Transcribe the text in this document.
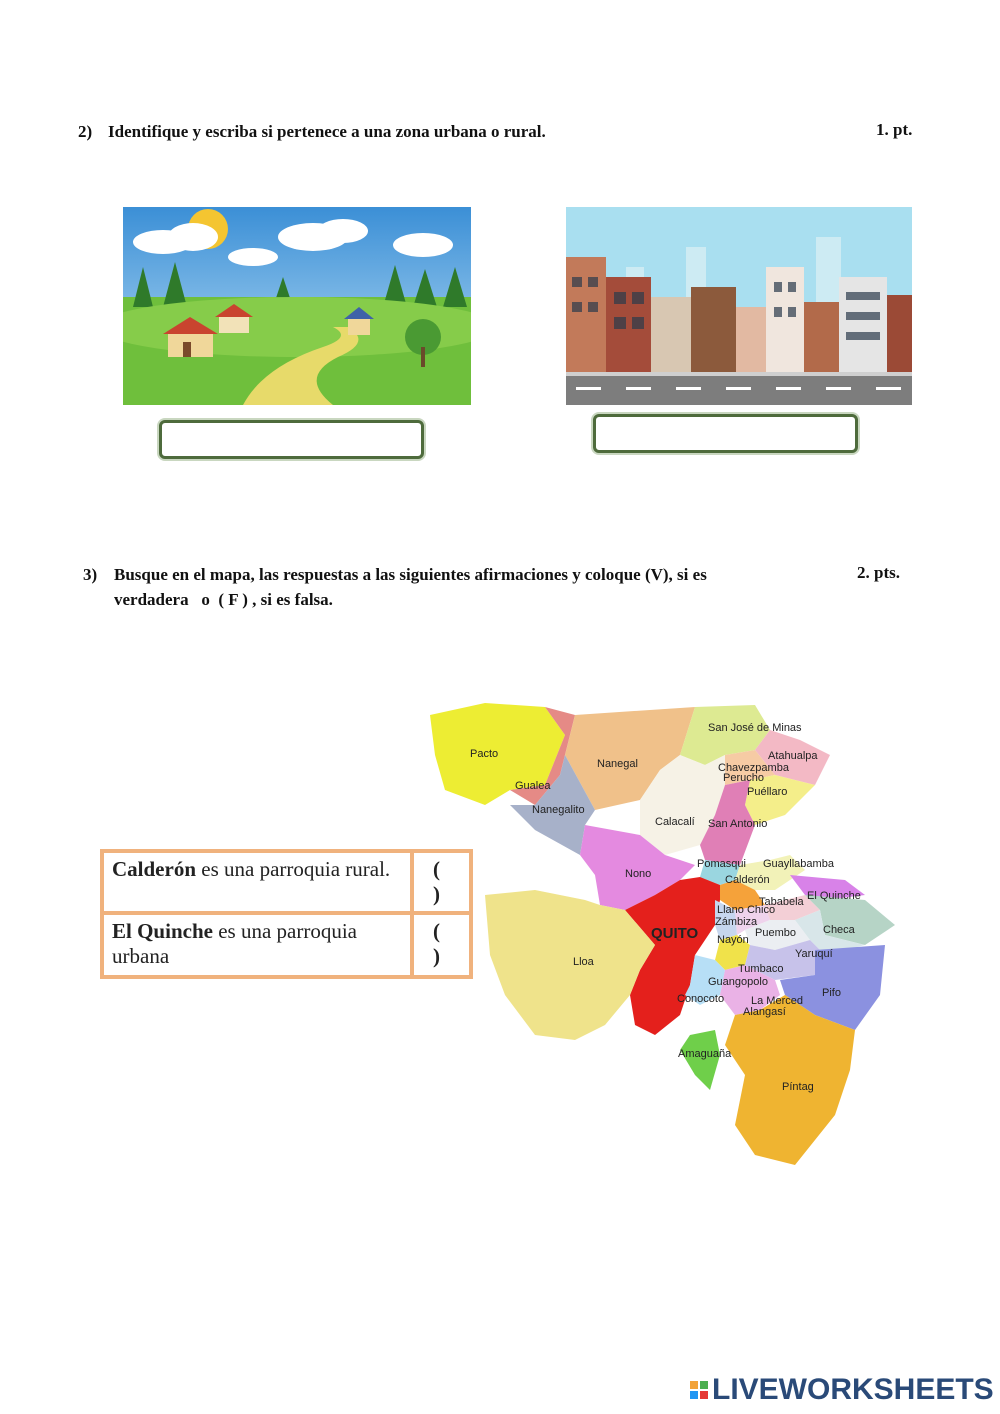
2) Identifique y escriba si pertenece a una zona urbana o rural.	1. pt.
3) Busque en el mapa, las respuestas a las siguientes afirmaciones y coloque (V), si es
verdadera   o  ( F ) , si es falsa.
2. pts.
Calderón es una parroquia rural.	( )
El Quinche es una parroquia urbana	( )
Pacto
Gualea
Nanegal
Nanegalito
San José de Minas
Atahualpa
Chavezpamba
Perucho
Puéllaro
Calacalí San Antonio
Nono
Pomasqui Guayllabamba
Calderón
El Quinche
Llano Chico
Zámbiza
Tababela
Checa
QUITO Nayón
Puembo
Yaruquí
Tumbaco
Guangopolo
Lloa
Pifo
Conocoto La Merced
Alangasí
Amaguaña
Píntag
LIVEWORKSHEETS
